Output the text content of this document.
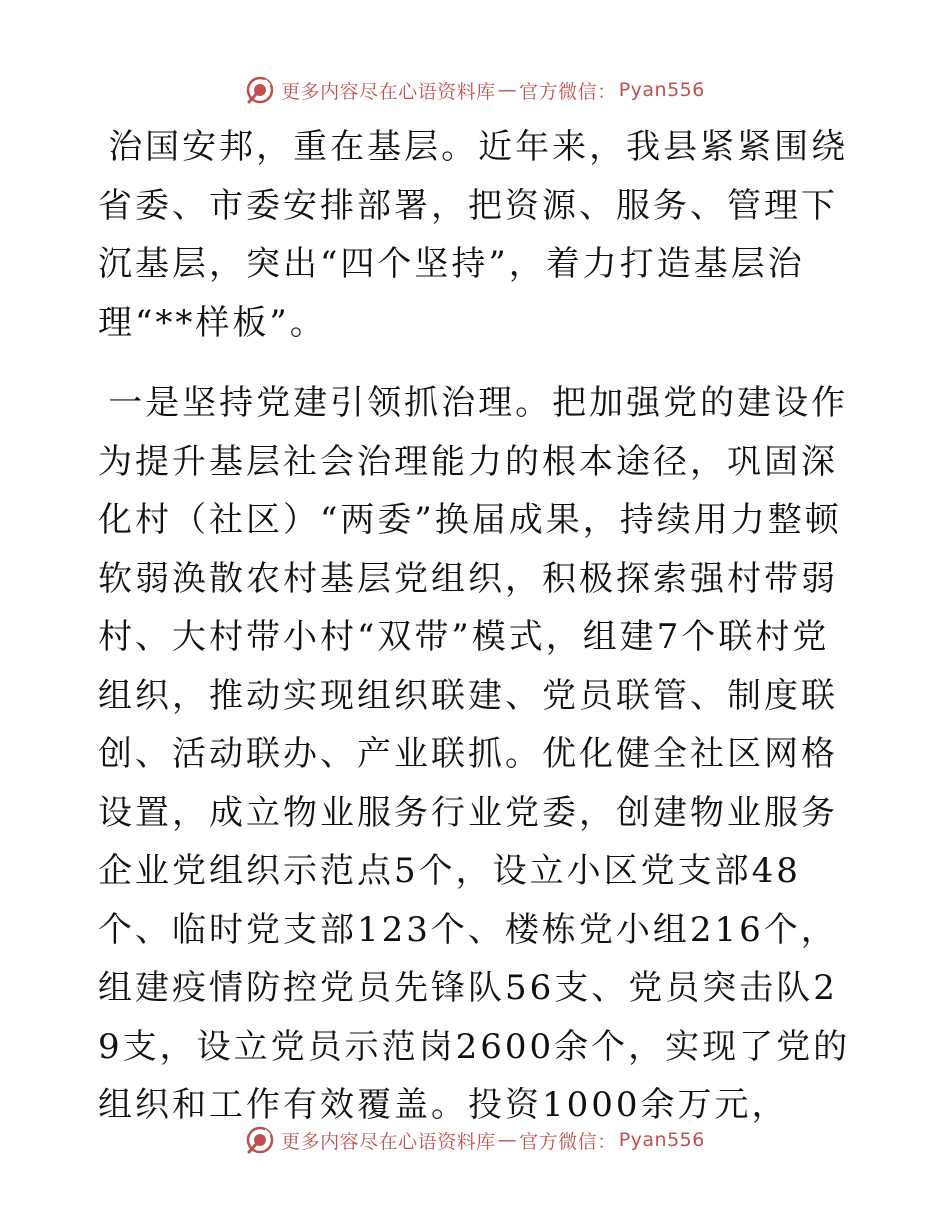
更多内容尽在心语资料库 — 官方微信： Pyan556

治国安邦，重在基层。近年来，我县紧紧围绕省委、市委安排部署，把资源、服务、管理下沉基层，突出“四个坚持”，着力打造基层治理“**样板”。

一是坚持党建引领抓治理。把加强党的建设作为提升基层社会治理能力的根本途径，巩固深化村（社区）“两委”换届成果，持续用力整顿软弱涣散农村基层党组织，积极探索强村带弱村、大村带小村“双带”模式，组建7个联村党组织，推动实现组织联建、党员联管、制度联创、活动联办、产业联抓。优化健全社区网格设置，成立物业服务行业党委，创建物业服务企业党组织示范点5个，设立小区党支部48个、临时党支部123个、楼栋党小组216个，组建疫情防控党员先锋队56支、党员突击队29支，设立党员示范岗2600余个，实现了党的组织和工作有效覆盖。投资1000余万元，

更多内容尽在心语资料库 — 官方微信： Pyan556
